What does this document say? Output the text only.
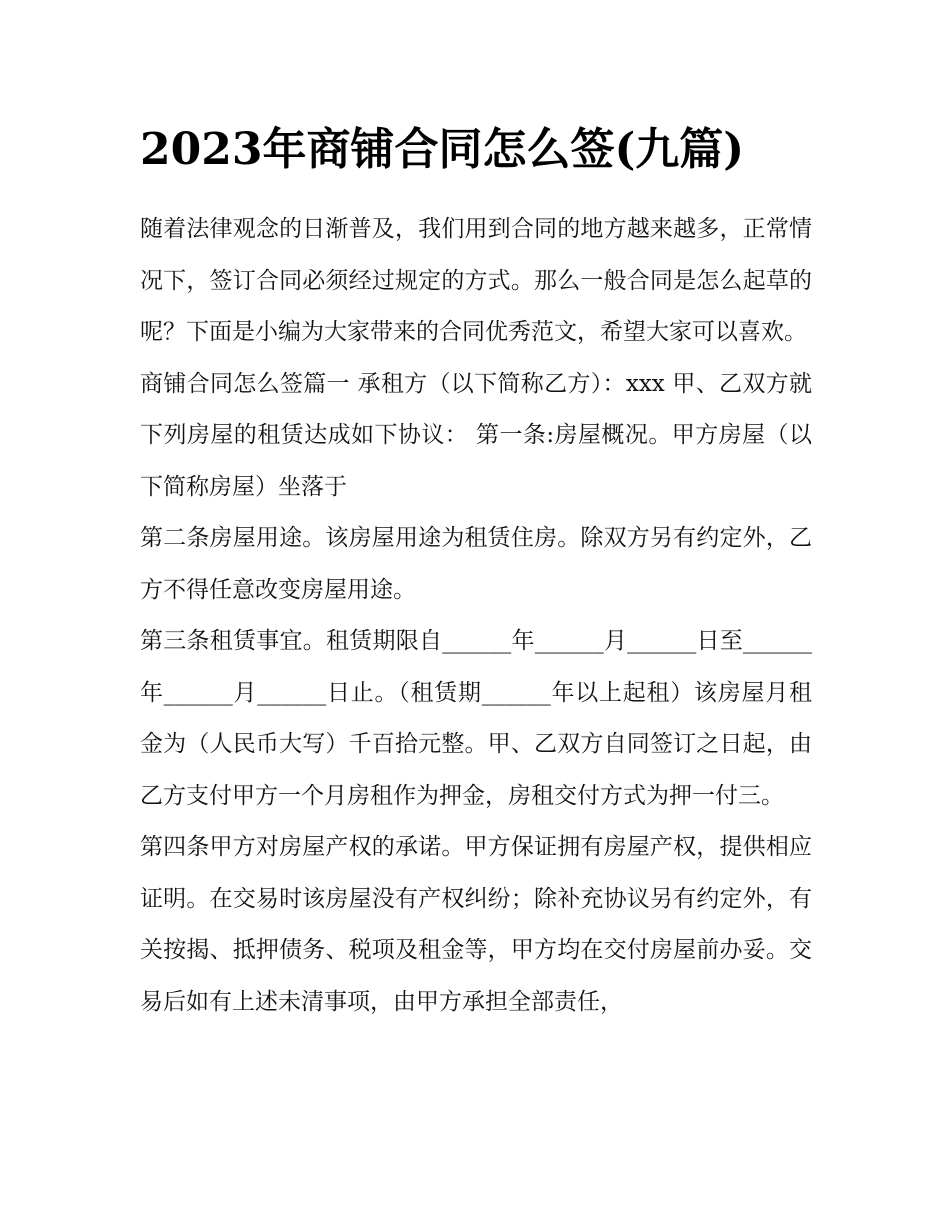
2023年商铺合同怎么签(九篇)

随着法律观念的日渐普及，我们用到合同的地方越来越多，正常情况下，签订合同必须经过规定的方式。那么一般合同是怎么起草的呢？下面是小编为大家带来的合同优秀范文，希望大家可以喜欢。

商铺合同怎么签篇一 承租方（以下简称乙方）：xxx 甲、乙双方就下列房屋的租赁达成如下协议： 第一条:房屋概况。甲方房屋（以下简称房屋）坐落于

第二条房屋用途。该房屋用途为租赁住房。除双方另有约定外，乙方不得任意改变房屋用途。

第三条租赁事宜。租赁期限自______年______月______日至______年______月______日止。（租赁期______年以上起租）该房屋月租金为（人民币大写）千百拾元整。甲、乙双方自同签订之日起，由乙方支付甲方一个月房租作为押金，房租交付方式为押一付三。

第四条甲方对房屋产权的承诺。甲方保证拥有房屋产权，提供相应证明。在交易时该房屋没有产权纠纷；除补充协议另有约定外，有关按揭、抵押债务、税项及租金等，甲方均在交付房屋前办妥。交易后如有上述未清事项，由甲方承担全部责任，
